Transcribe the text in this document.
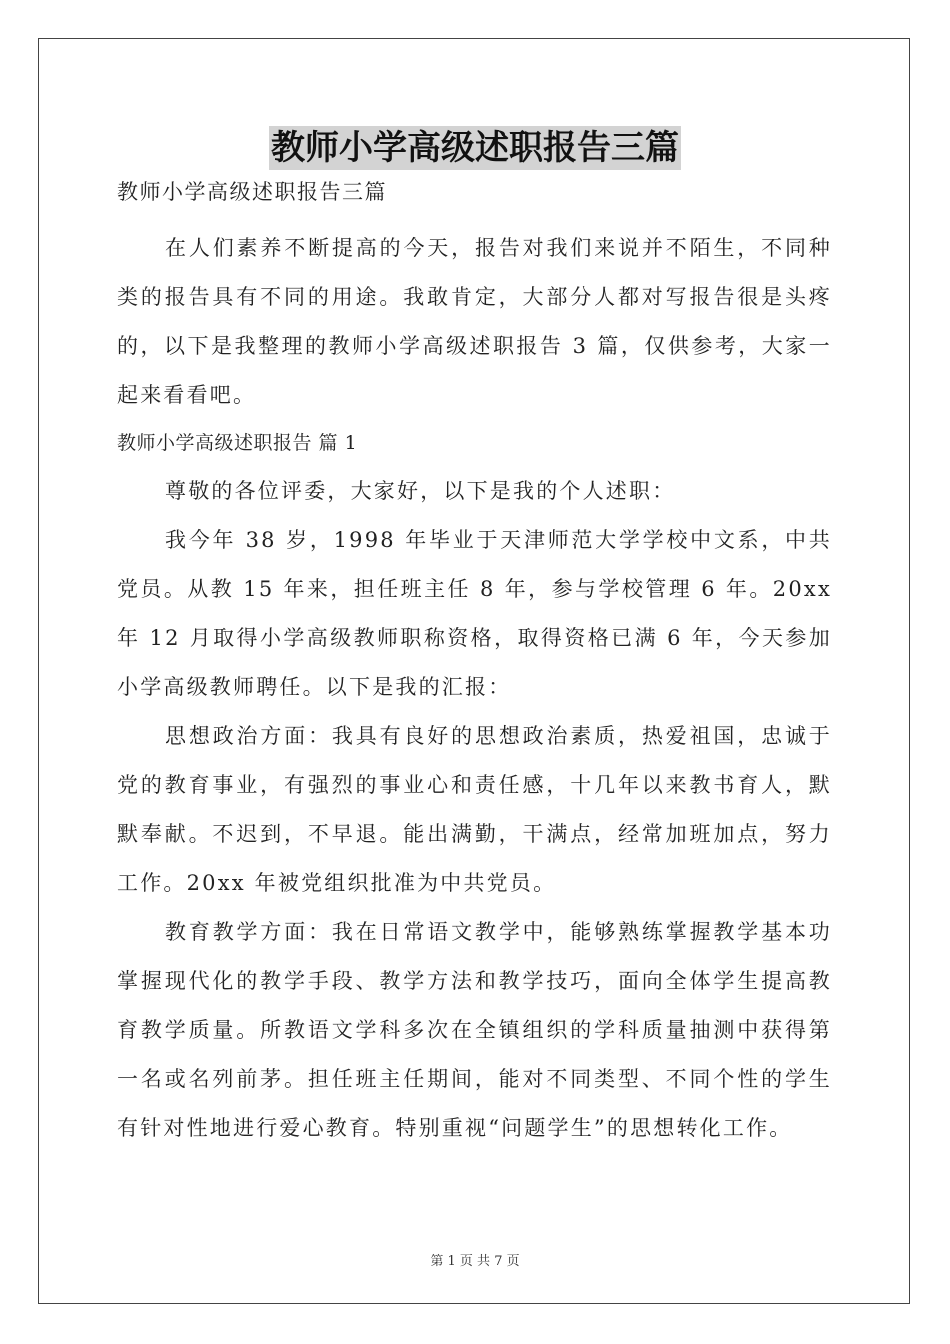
教师小学高级述职报告三篇
教师小学高级述职报告三篇

在人们素养不断提高的今天，报告对我们来说并不陌生，不同种类的报告具有不同的用途。我敢肯定，大部分人都对写报告很是头疼的，以下是我整理的教师小学高级述职报告 3 篇，仅供参考，大家一起来看看吧。

教师小学高级述职报告 篇 1

尊敬的各位评委，大家好，以下是我的个人述职：

我今年 38 岁，1998 年毕业于天津师范大学学校中文系，中共党员。从教 15 年来，担任班主任 8 年，参与学校管理 6 年。20xx 年 12 月取得小学高级教师职称资格，取得资格已满 6 年，今天参加小学高级教师聘任。以下是我的汇报：

思想政治方面：我具有良好的思想政治素质，热爱祖国，忠诚于党的教育事业，有强烈的事业心和责任感，十几年以来教书育人，默默奉献。不迟到，不早退。能出满勤，干满点，经常加班加点，努力工作。20xx 年被党组织批准为中共党员。

教育教学方面：我在日常语文教学中，能够熟练掌握教学基本功掌握现代化的教学手段、教学方法和教学技巧，面向全体学生提高教育教学质量。所教语文学科多次在全镇组织的学科质量抽测中获得第一名或名列前茅。担任班主任期间，能对不同类型、不同个性的学生有针对性地进行爱心教育。特别重视“问题学生”的思想转化工作。

第 1 页 共 7 页
